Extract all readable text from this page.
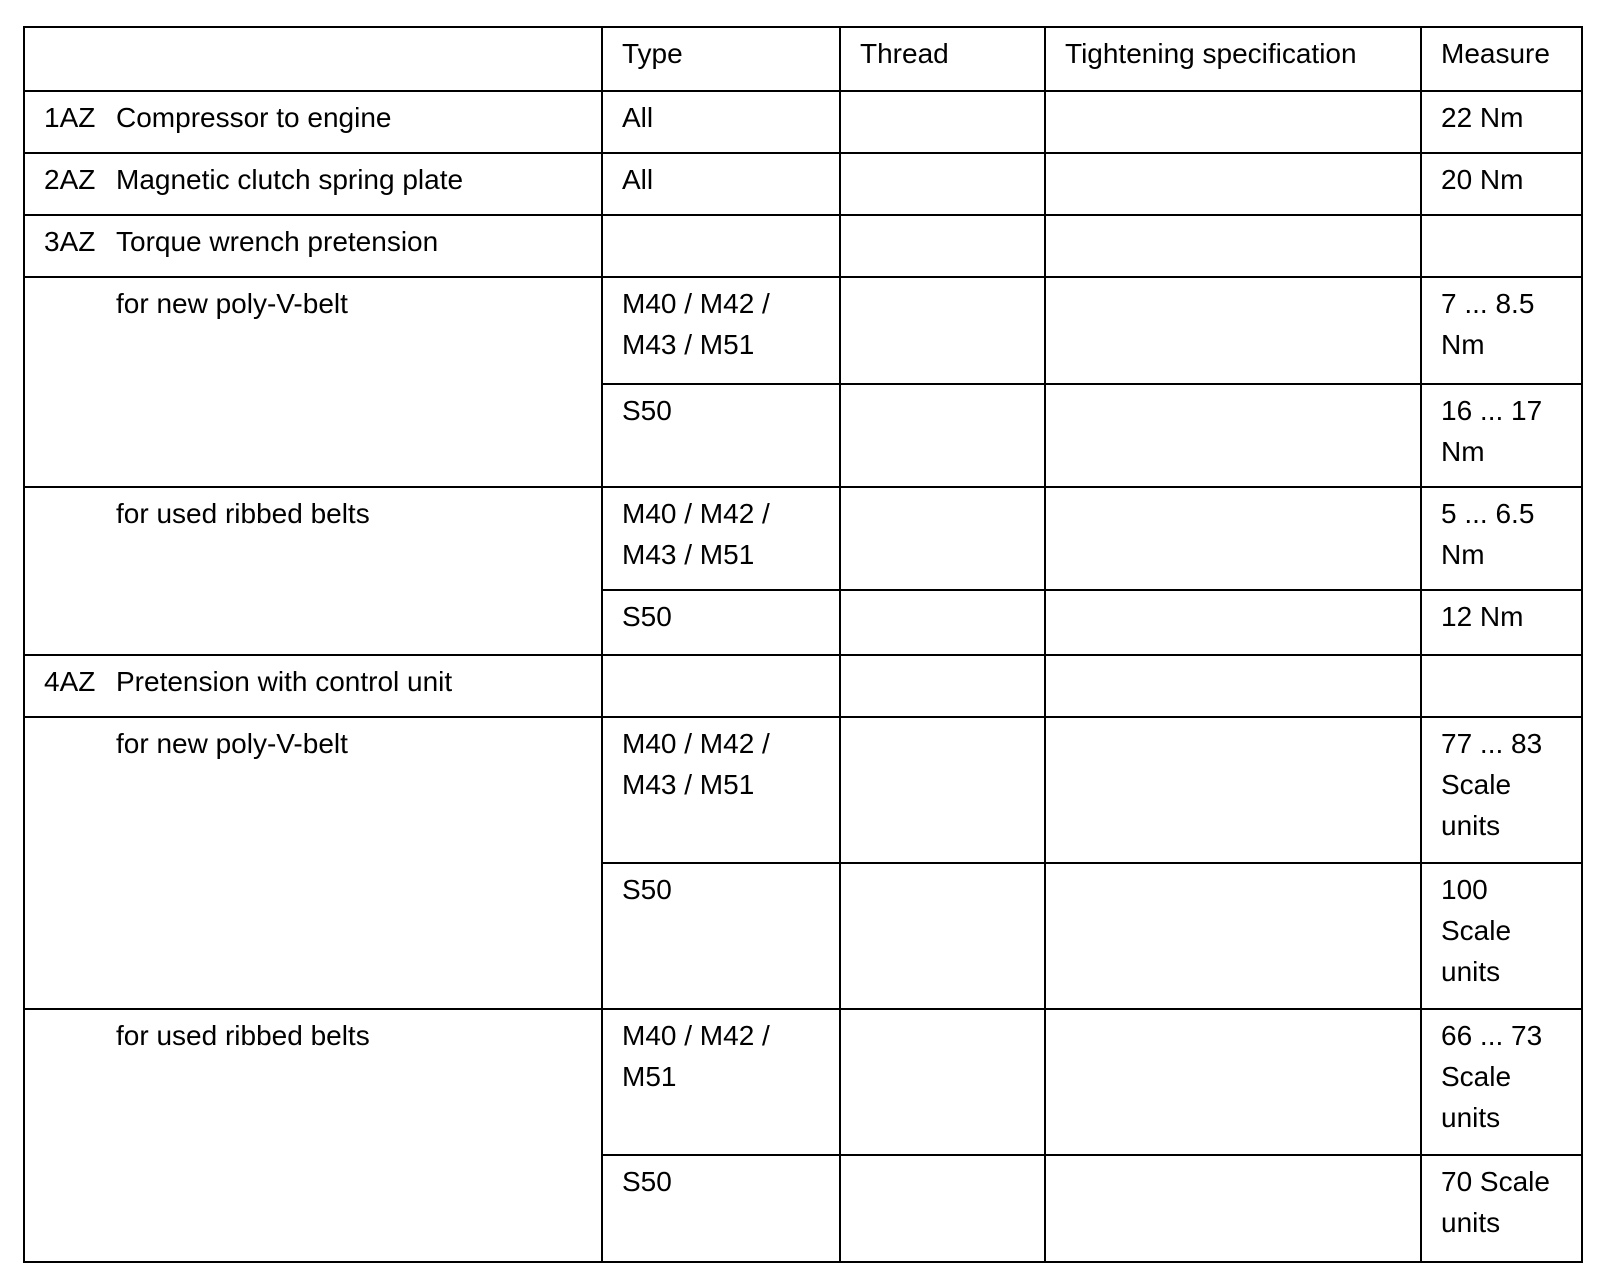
	Type	Thread	Tightening specification	Measure
1AZ Compressor to engine	All			22 Nm
2AZ Magnetic clutch spring plate	All			20 Nm
3AZ Torque wrench pretension				
for new poly-V-belt	M40 / M42 / M43 / M51			7 ... 8.5 Nm
	S50			16 ... 17 Nm
for used ribbed belts	M40 / M42 / M43 / M51			5 ... 6.5 Nm
	S50			12 Nm
4AZ Pretension with control unit				
for new poly-V-belt	M40 / M42 / M43 / M51			77 ... 83 Scale units
	S50			100 Scale units
for used ribbed belts	M40 / M42 / M51			66 ... 73 Scale units
	S50			70 Scale units
